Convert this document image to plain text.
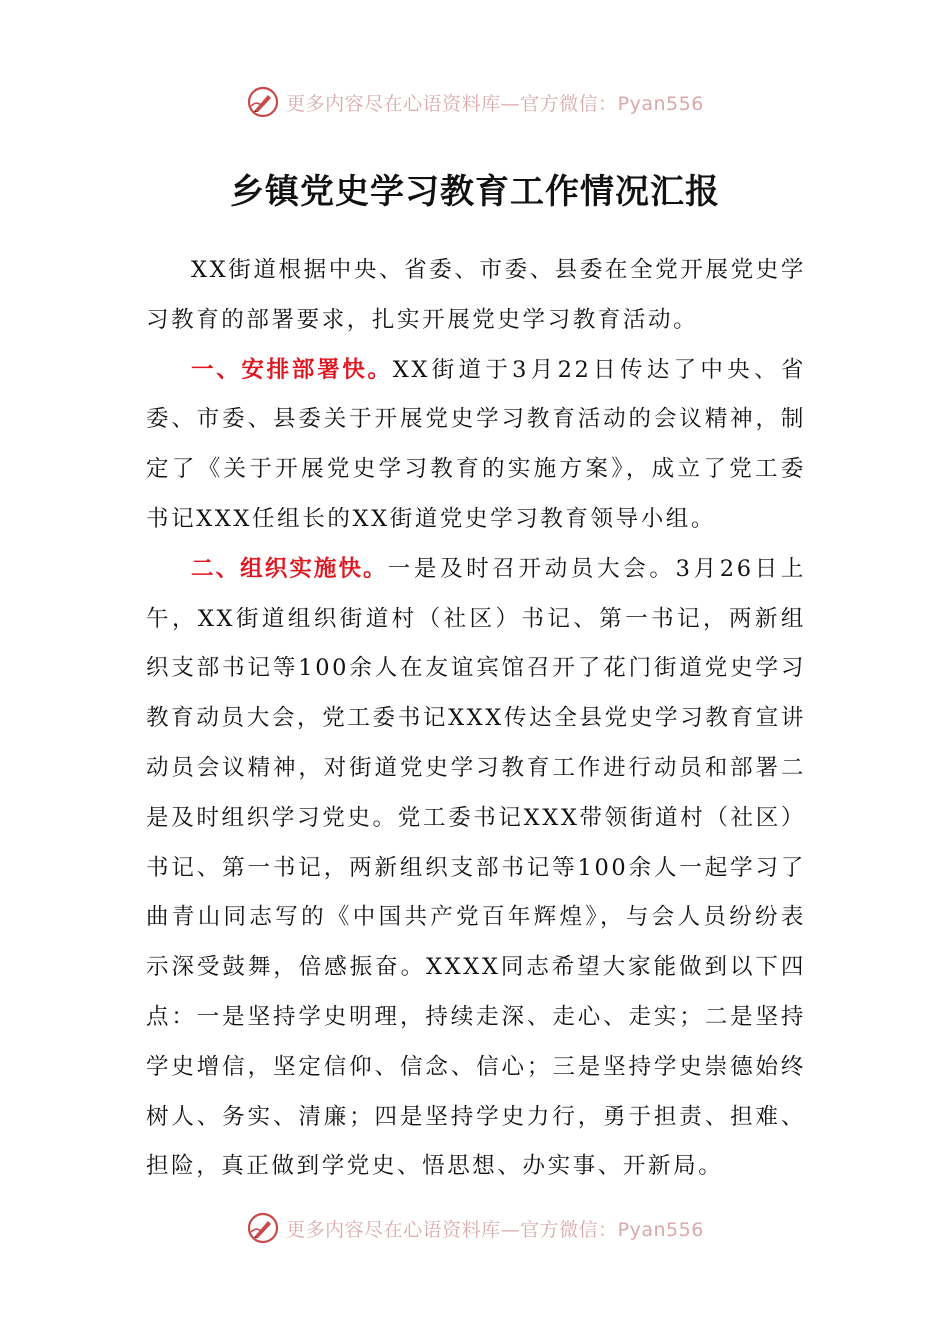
更多内容尽在心语资料库—官方微信：Pyan556
乡镇党史学习教育工作情况汇报

XX街道根据中央、省委、市委、县委在全党开展党史学习教育的部署要求，扎实开展党史学习教育活动。

一、安排部署快。XX街道于3月22日传达了中央、省委、市委、县委关于开展党史学习教育活动的会议精神，制定了《关于开展党史学习教育的实施方案》，成立了党工委书记XXX任组长的XX街道党史学习教育领导小组。

二、组织实施快。一是及时召开动员大会。3月26日上午，XX街道组织街道村（社区）书记、第一书记，两新组织支部书记等100余人在友谊宾馆召开了花门街道党史学习教育动员大会，党工委书记XXX传达全县党史学习教育宣讲动员会议精神，对街道党史学习教育工作进行动员和部署二是及时组织学习党史。党工委书记XXX带领街道村（社区）书记、第一书记，两新组织支部书记等100余人一起学习了曲青山同志写的《中国共产党百年辉煌》，与会人员纷纷表示深受鼓舞，倍感振奋。XXXX同志希望大家能做到以下四点：一是坚持学史明理，持续走深、走心、走实；二是坚持学史增信，坚定信仰、信念、信心；三是坚持学史崇德始终树人、务实、清廉；四是坚持学史力行，勇于担责、担难、担险，真正做到学党史、悟思想、办实事、开新局。

更多内容尽在心语资料库—官方微信：Pyan556
